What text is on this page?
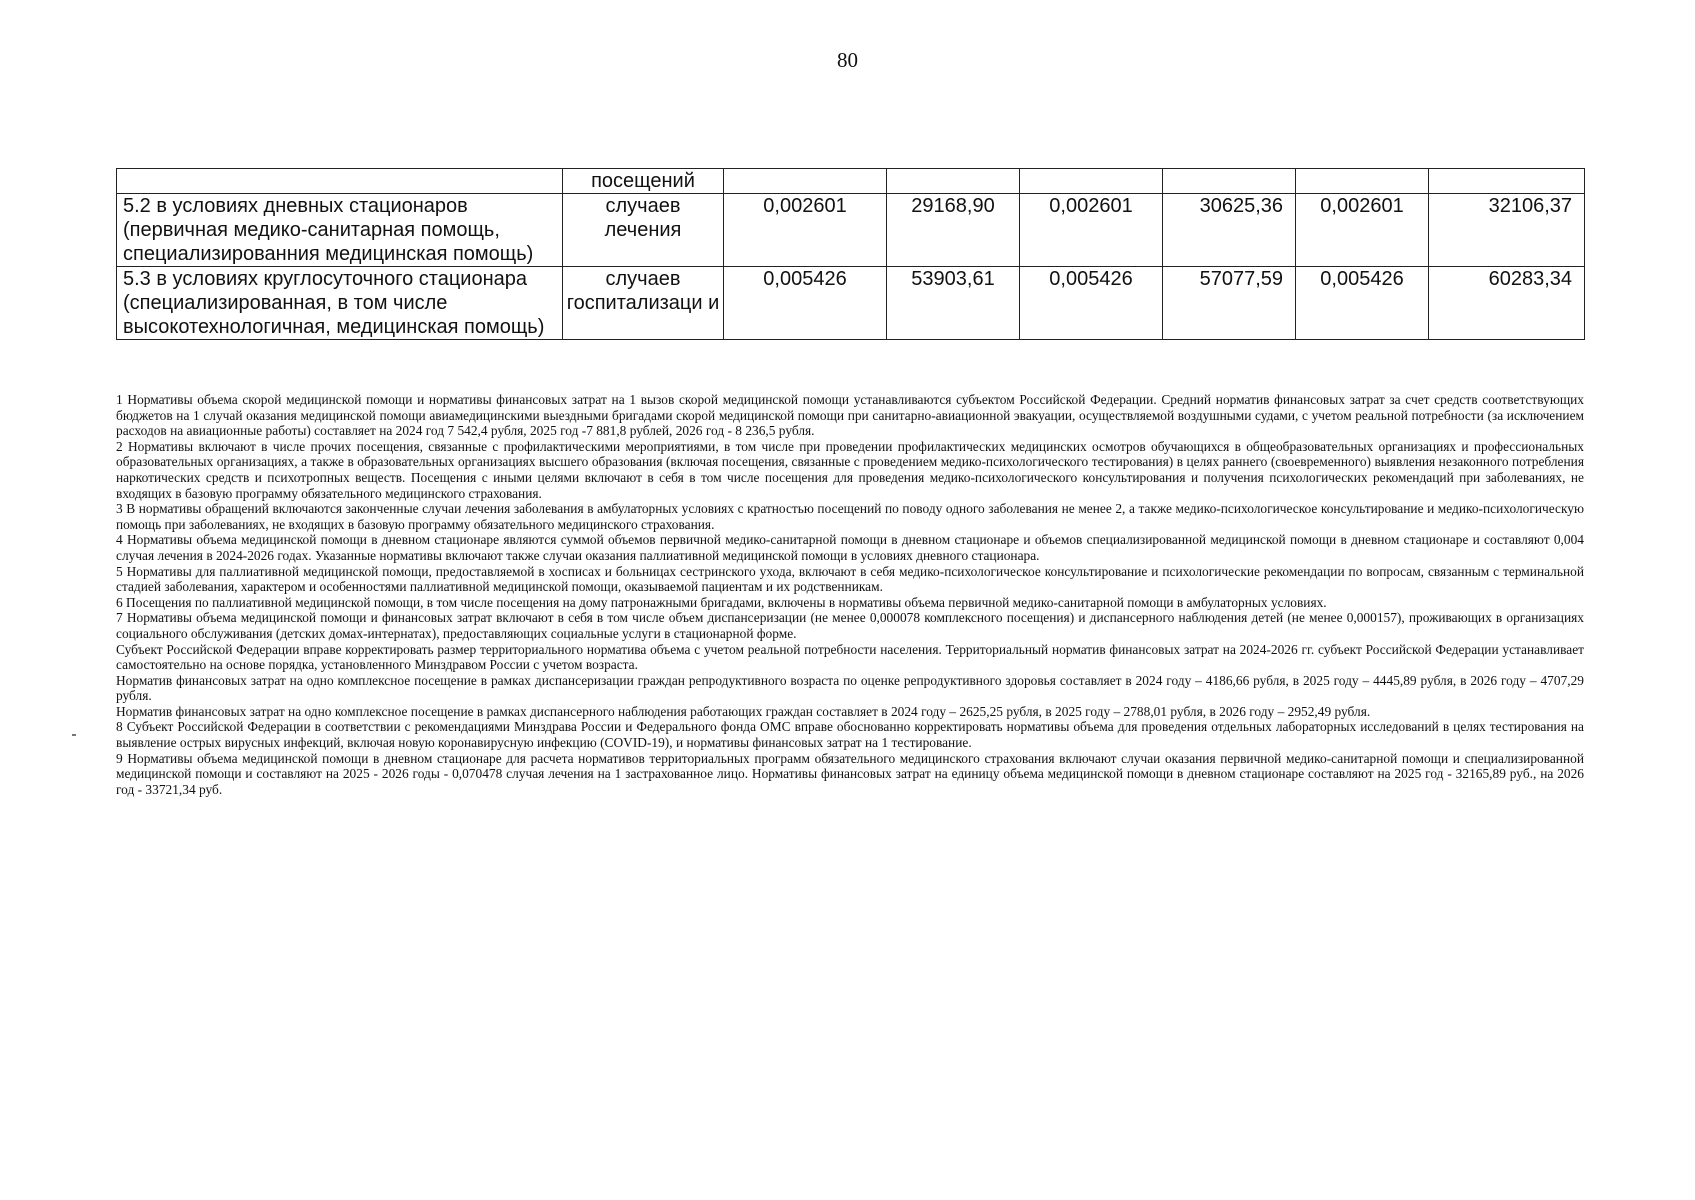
80
	посещений						
5.2 в условиях дневных стационаров (первичная медико-санитарная помощь, специализированния медицинская помощь)	случаев лечения	0,002601	29168,90	0,002601	30625,36	0,002601	32106,37
5.3 в условиях круглосуточного стационара (специализированная, в том числе высокотехнологичная, медицинская помощь)	случаев госпитализаци и	0,005426	53903,61	0,005426	57077,59	0,005426	60283,34

1 Нормативы объема скорой медицинской помощи и нормативы финансовых затрат на 1 вызов скорой медицинской помощи устанавливаются субъектом Российской Федерации. Средний норматив финансовых затрат за счет средств соответствующих бюджетов на 1 случай оказания медицинской помощи авиамедицинскими выездными бригадами скорой медицинской помощи при санитарно-авиационной эвакуации, осуществляемой воздушными судами, с учетом реальной потребности (за исключением расходов на авиационные работы) составляет на 2024 год 7 542,4 рубля, 2025 год -7 881,8 рублей, 2026 год - 8 236,5 рубля.

2 Нормативы включают в числе прочих посещения, связанные с профилактическими мероприятиями, в том числе при проведении профилактических медицинских осмотров обучающихся в общеобразовательных организациях и профессиональных образовательных организациях, а также в образовательных организациях высшего образования (включая посещения, связанные с проведением медико-психологического тестирования) в целях раннего (своевременного) выявления незаконного потребления наркотических средств и психотропных веществ. Посещения с иными целями включают в себя в том числе посещения для проведения медико-психологического консультирования и получения психологических рекомендаций при заболеваниях, не входящих в базовую программу обязательного медицинского страхования.

3 В нормативы обращений включаются законченные случаи лечения заболевания в амбулаторных условиях с кратностью посещений по поводу одного заболевания не менее 2, а также медико-психологическое консультирование и медико-психологическую помощь при заболеваниях, не входящих в базовую программу обязательного медицинского страхования.

4 Нормативы объема медицинской помощи в дневном стационаре являются суммой объемов первичной медико-санитарной помощи в дневном стационаре и объемов специализированной медицинской помощи в дневном стационаре и составляют 0,004 случая лечения в 2024-2026 годах. Указанные нормативы включают также случаи оказания паллиативной медицинской помощи в условиях дневного стационара.

5 Нормативы для паллиативной медицинской помощи, предоставляемой в хосписах и больницах сестринского ухода, включают в себя медико-психологическое консультирование и психологические рекомендации по вопросам, связанным с терминальной стадией заболевания, характером и особенностями паллиативной медицинской помощи, оказываемой пациентам и их родственникам.

6 Посещения по паллиативной медицинской помощи, в том числе посещения на дому патронажными бригадами, включены в нормативы объема первичной медико-санитарной помощи в амбулаторных условиях.

7 Нормативы объема медицинской помощи и финансовых затрат включают в себя в том числе объем диспансеризации (не менее 0,000078 комплексного посещения) и диспансерного наблюдения детей (не менее 0,000157), проживающих в организациях социального обслуживания (детских домах-интернатах), предоставляющих социальные услуги в стационарной форме.

Субъект Российской Федерации вправе корректировать размер территориального норматива объема с учетом реальной потребности населения. Территориальный норматив финансовых затрат на 2024-2026 гг. субъект Российской Федерации устанавливает самостоятельно на основе порядка, установленного Минздравом России с учетом возраста.

Норматив финансовых затрат на одно комплексное посещение в рамках диспансеризации граждан репродуктивного возраста по оценке репродуктивного здоровья составляет в 2024 году – 4186,66 рубля, в 2025 году – 4445,89 рубля, в 2026 году – 4707,29 рубля.

Норматив финансовых затрат на одно комплексное посещение в рамках диспансерного наблюдения работающих граждан составляет в 2024 году – 2625,25 рубля, в 2025 году – 2788,01 рубля, в 2026 году – 2952,49 рубля.

8 Субъект Российской Федерации в соответствии с рекомендациями Минздрава России и Федерального фонда ОМС вправе обоснованно корректировать нормативы объема для проведения отдельных лабораторных исследований в целях тестирования на выявление острых вирусных инфекций, включая новую коронавирусную инфекцию (COVID-19), и нормативы финансовых затрат на 1 тестирование.

9 Нормативы объема медицинской помощи в дневном стационаре для расчета нормативов территориальных программ обязательного медицинского страхования включают случаи оказания первичной медико-санитарной помощи и специализированной медицинской помощи и составляют на 2025 - 2026 годы - 0,070478 случая лечения на 1 застрахованное лицо. Нормативы финансовых затрат на единицу объема медицинской помощи в дневном стационаре составляют на 2025 год - 32165,89 руб., на 2026 год - 33721,34 руб.
